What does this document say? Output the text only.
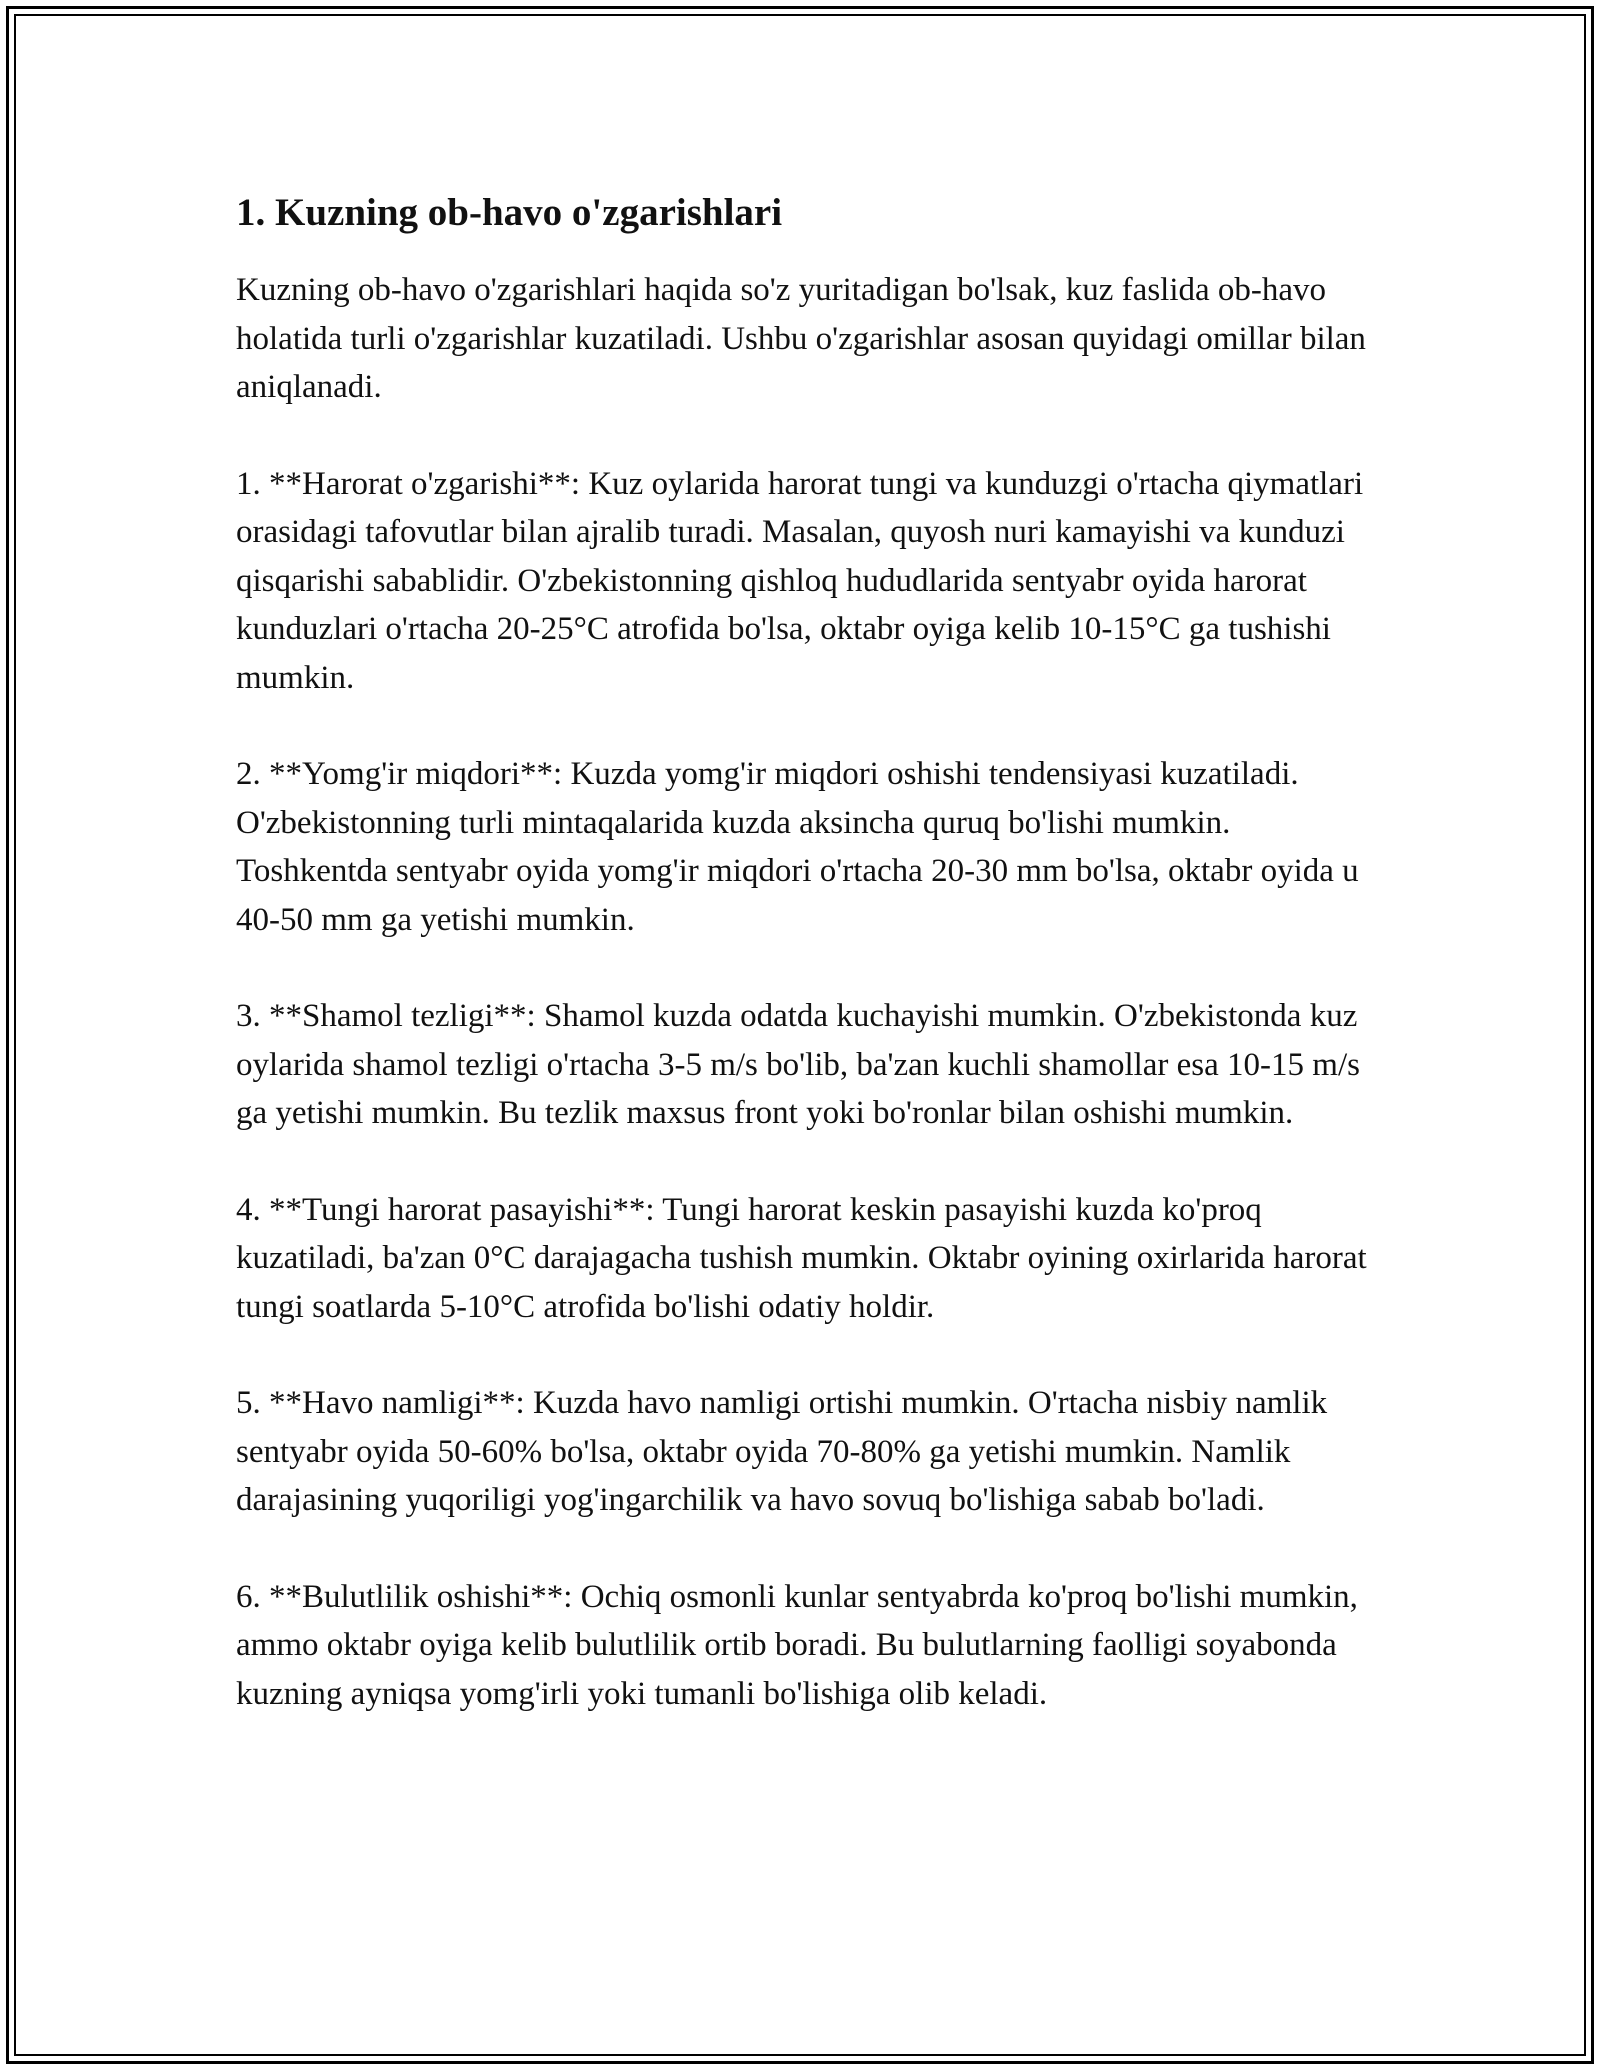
1. Kuzning ob-havo o'zgarishlari

Kuzning ob-havo o'zgarishlari haqida so'z yuritadigan bo'lsak, kuz faslida ob-havo holatida turli o'zgarishlar kuzatiladi. Ushbu o'zgarishlar asosan quyidagi omillar bilan aniqlanadi.

1. **Harorat o'zgarishi**: Kuz oylarida harorat tungi va kunduzgi o'rtacha qiymatlari orasidagi tafovutlar bilan ajralib turadi. Masalan, quyosh nuri kamayishi va kunduzi qisqarishi sabablidir. O'zbekistonning qishloq hududlarida sentyabr oyida harorat kunduzlari o'rtacha 20-25°C atrofida bo'lsa, oktabr oyiga kelib 10-15°C ga tushishi mumkin.

2. **Yomg'ir miqdori**: Kuzda yomg'ir miqdori oshishi tendensiyasi kuzatiladi. O'zbekistonning turli mintaqalarida kuzda aksincha quruq bo'lishi mumkin. Toshkentda sentyabr oyida yomg'ir miqdori o'rtacha 20-30 mm bo'lsa, oktabr oyida u 40-50 mm ga yetishi mumkin.

3. **Shamol tezligi**: Shamol kuzda odatda kuchayishi mumkin. O'zbekistonda kuz oylarida shamol tezligi o'rtacha 3-5 m/s bo'lib, ba'zan kuchli shamollar esa 10-15 m/s ga yetishi mumkin. Bu tezlik maxsus front yoki bo'ronlar bilan oshishi mumkin.

4. **Tungi harorat pasayishi**: Tungi harorat keskin pasayishi kuzda ko'proq kuzatiladi, ba'zan 0°C darajagacha tushish mumkin. Oktabr oyining oxirlarida harorat tungi soatlarda 5-10°C atrofida bo'lishi odatiy holdir.

5. **Havo namligi**: Kuzda havo namligi ortishi mumkin. O'rtacha nisbiy namlik sentyabr oyida 50-60% bo'lsa, oktabr oyida 70-80% ga yetishi mumkin. Namlik darajasining yuqoriligi yog'ingarchilik va havo sovuq bo'lishiga sabab bo'ladi.

6. **Bulutlilik oshishi**: Ochiq osmonli kunlar sentyabrda ko'proq bo'lishi mumkin, ammo oktabr oyiga kelib bulutlilik ortib boradi. Bu bulutlarning faolligi soyabonda kuzning ayniqsa yomg'irli yoki tumanli bo'lishiga olib keladi.
